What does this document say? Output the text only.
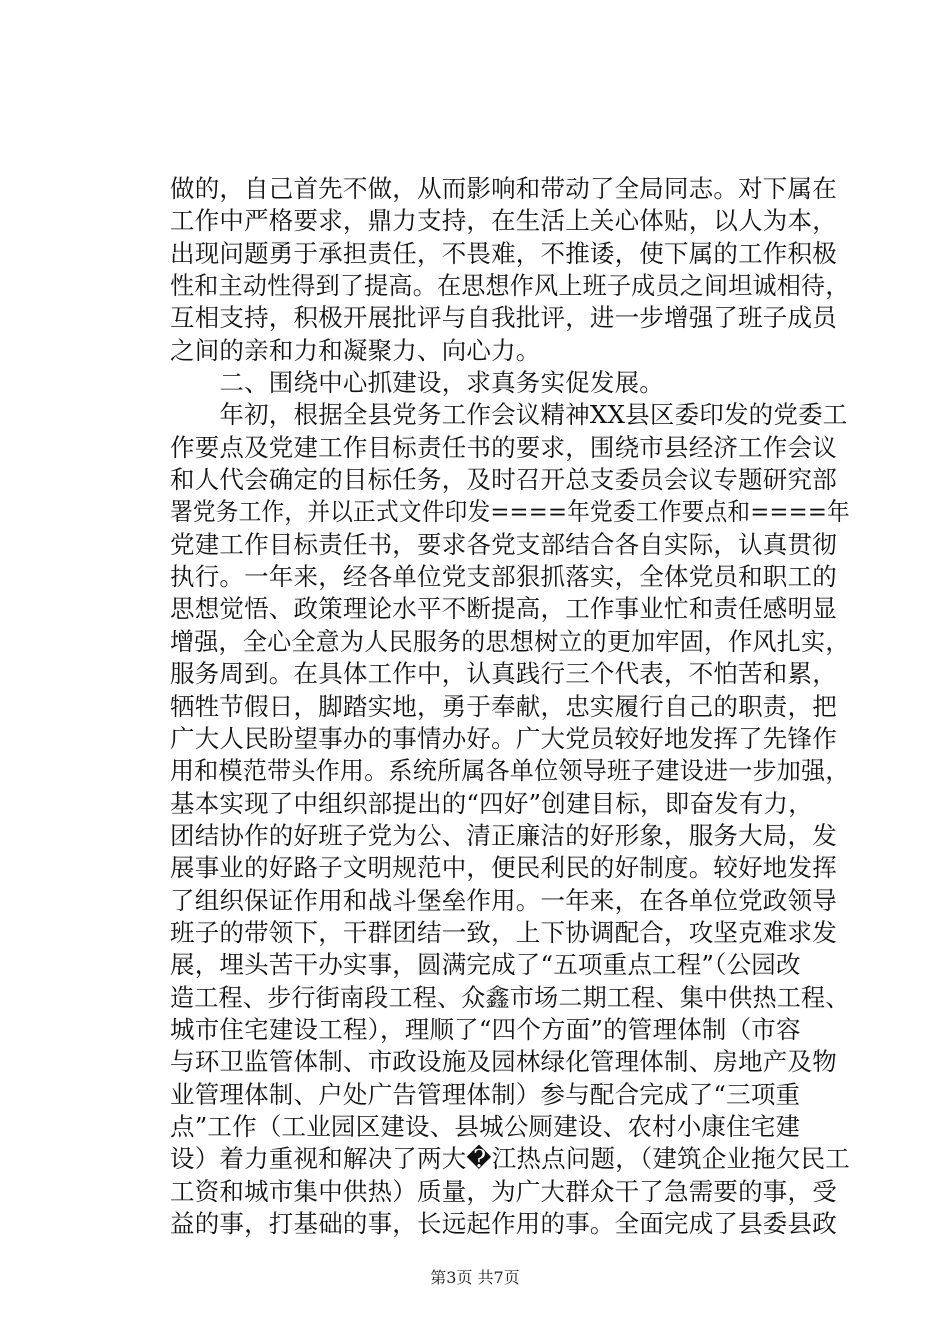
做的，自己首先不做，从而影响和带动了全局同志。对下属在
工作中严格要求，鼎力支持，在生活上关心体贴，以人为本，
出现问题勇于承担责任，不畏难，不推诿，使下属的工作积极
性和主动性得到了提高。在思想作风上班子成员之间坦诚相待，
互相支持，积极开展批评与自我批评，进一步增强了班子成员
之间的亲和力和凝聚力、向心力。
　　二、围绕中心抓建设，求真务实促发展。
　　年初，根据全县党务工作会议精神XX县区委印发的党委工
作要点及党建工作目标责任书的要求，围绕市县经济工作会议
和人代会确定的目标任务，及时召开总支委员会议专题研究部
署党务工作，并以正式文件印发====年党委工作要点和====年
党建工作目标责任书，要求各党支部结合各自实际，认真贯彻
执行。一年来，经各单位党支部狠抓落实，全体党员和职工的
思想觉悟、政策理论水平不断提高，工作事业忙和责任感明显
增强，全心全意为人民服务的思想树立的更加牢固，作风扎实，
服务周到。在具体工作中，认真践行三个代表，不怕苦和累，
牺牲节假日，脚踏实地，勇于奉献，忠实履行自己的职责，把
广大人民盼望事办的事情办好。广大党员较好地发挥了先锋作
用和模范带头作用。系统所属各单位领导班子建设进一步加强，
基本实现了中组织部提出的“四好”创建目标，即奋发有力，
团结协作的好班子党为公、清正廉洁的好形象，服务大局，发
展事业的好路子文明规范中，便民利民的好制度。较好地发挥
了组织保证作用和战斗堡垒作用。一年来，在各单位党政领导
班子的带领下，干群团结一致，上下协调配合，攻坚克难求发
展，埋头苦干办实事，圆满完成了“五项重点工程”（公园改
造工程、步行街南段工程、众鑫市场二期工程、集中供热工程、
城市住宅建设工程），理顺了“四个方面”的管理体制（市容
与环卫监管体制、市政设施及园林绿化管理体制、房地产及物
业管理体制、户处广告管理体制）参与配合完成了“三项重
点”工作（工业园区建设、县城公厕建设、农村小康住宅建
设）着力重视和解决了两大�江热点问题，（建筑企业拖欠民工
工资和城市集中供热）质量，为广大群众干了急需要的事，受
益的事，打基础的事，长远起作用的事。全面完成了县委县政
第3页 共7页
